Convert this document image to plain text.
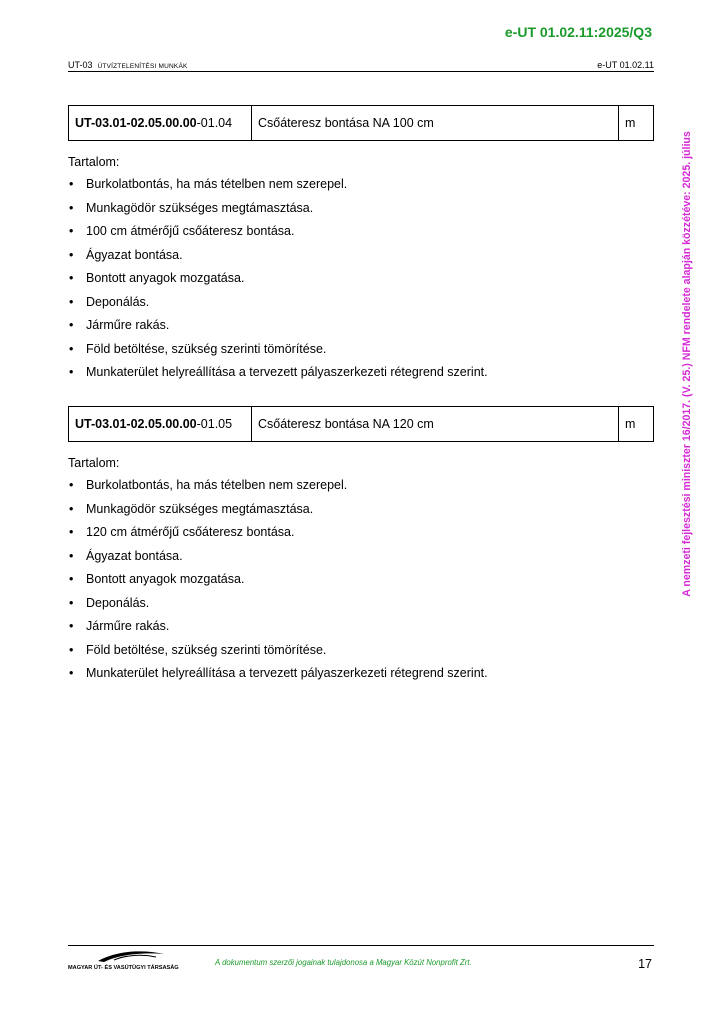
e-UT 01.02.11:2025/Q3
UT-03 ÚTVÍZTELENÍTÉSI MUNKÁK	e-UT 01.02.11
A nemzeti fejlesztési miniszter 16/2017. (V. 25.) NFM rendelete alapján közzétéve: 2025. július
UT-03.01-02.05.00.00-01.04	Csőáteresz bontása NA 100 cm	m

Tartalom:

• Burkolatbontás, ha más tételben nem szerepel.
• Munkagödör szükséges megtámasztása.
• 100 cm átmérőjű csőáteresz bontása.
• Ágyazat bontása.
• Bontott anyagok mozgatása.
• Deponálás.
• Járműre rakás.
• Föld betöltése, szükség szerinti tömörítése.
• Munkaterület helyreállítása a tervezett pályaszerkezeti rétegrend szerint.
UT-03.01-02.05.00.00-01.05	Csőáteresz bontása NA 120 cm	m

Tartalom:

• Burkolatbontás, ha más tételben nem szerepel.
• Munkagödör szükséges megtámasztása.
• 120 cm átmérőjű csőáteresz bontása.
• Ágyazat bontása.
• Bontott anyagok mozgatása.
• Deponálás.
• Járműre rakás.
• Föld betöltése, szükség szerinti tömörítése.
• Munkaterület helyreállítása a tervezett pályaszerkezeti rétegrend szerint.
MAGYAR ÚT- ÉS VASÚTÜGYI TÁRSASÁG
A dokumentum szerzői jogainak tulajdonosa a Magyar Közút Nonprofit Zrt.	17
